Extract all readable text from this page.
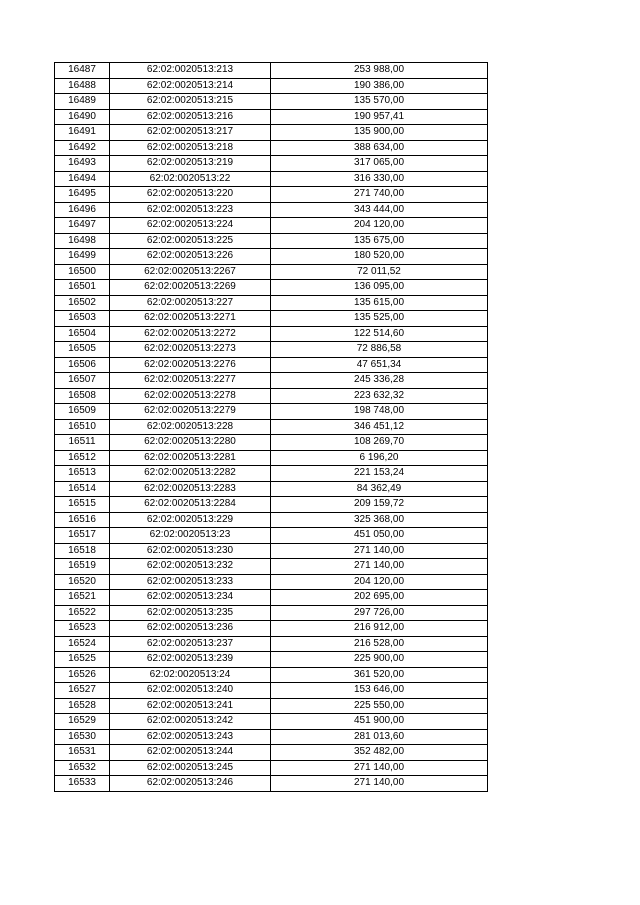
16487	62:02:0020513:213	253 988,00
16488	62:02:0020513:214	190 386,00
16489	62:02:0020513:215	135 570,00
16490	62:02:0020513:216	190 957,41
16491	62:02:0020513:217	135 900,00
16492	62:02:0020513:218	388 634,00
16493	62:02:0020513:219	317 065,00
16494	62:02:0020513:22	316 330,00
16495	62:02:0020513:220	271 740,00
16496	62:02:0020513:223	343 444,00
16497	62:02:0020513:224	204 120,00
16498	62:02:0020513:225	135 675,00
16499	62:02:0020513:226	180 520,00
16500	62:02:0020513:2267	72 011,52
16501	62:02:0020513:2269	136 095,00
16502	62:02:0020513:227	135 615,00
16503	62:02:0020513:2271	135 525,00
16504	62:02:0020513:2272	122 514,60
16505	62:02:0020513:2273	72 886,58
16506	62:02:0020513:2276	47 651,34
16507	62:02:0020513:2277	245 336,28
16508	62:02:0020513:2278	223 632,32
16509	62:02:0020513:2279	198 748,00
16510	62:02:0020513:228	346 451,12
16511	62:02:0020513:2280	108 269,70
16512	62:02:0020513:2281	6 196,20
16513	62:02:0020513:2282	221 153,24
16514	62:02:0020513:2283	84 362,49
16515	62:02:0020513:2284	209 159,72
16516	62:02:0020513:229	325 368,00
16517	62:02:0020513:23	451 050,00
16518	62:02:0020513:230	271 140,00
16519	62:02:0020513:232	271 140,00
16520	62:02:0020513:233	204 120,00
16521	62:02:0020513:234	202 695,00
16522	62:02:0020513:235	297 726,00
16523	62:02:0020513:236	216 912,00
16524	62:02:0020513:237	216 528,00
16525	62:02:0020513:239	225 900,00
16526	62:02:0020513:24	361 520,00
16527	62:02:0020513:240	153 646,00
16528	62:02:0020513:241	225 550,00
16529	62:02:0020513:242	451 900,00
16530	62:02:0020513:243	281 013,60
16531	62:02:0020513:244	352 482,00
16532	62:02:0020513:245	271 140,00
16533	62:02:0020513:246	271 140,00
